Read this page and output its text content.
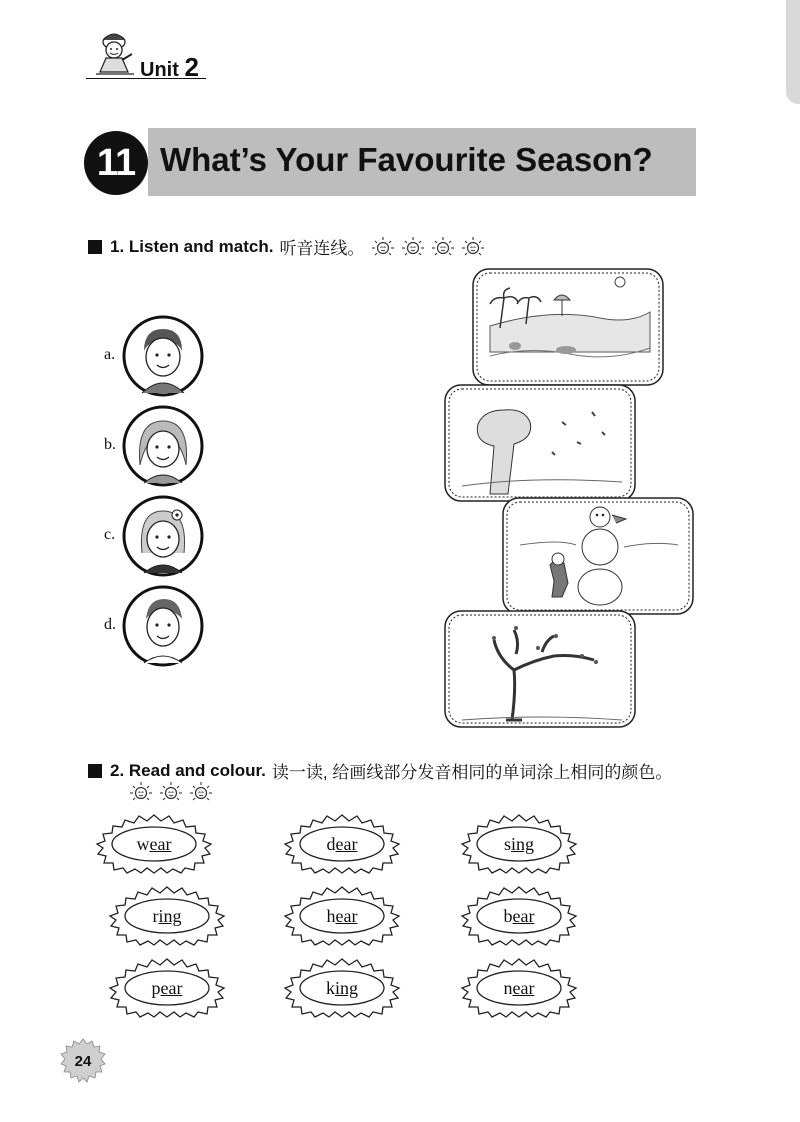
Unit 2
11 What’s Your Favourite Season?
1. Listen and match. 听音连线。
a.
b.
c.
d.
2. Read and colour. 读一读, 给画线部分发音相同的单词涂上相同的颜色。
wear	dear	sing
ring	hear	bear
pear	king	near
24
